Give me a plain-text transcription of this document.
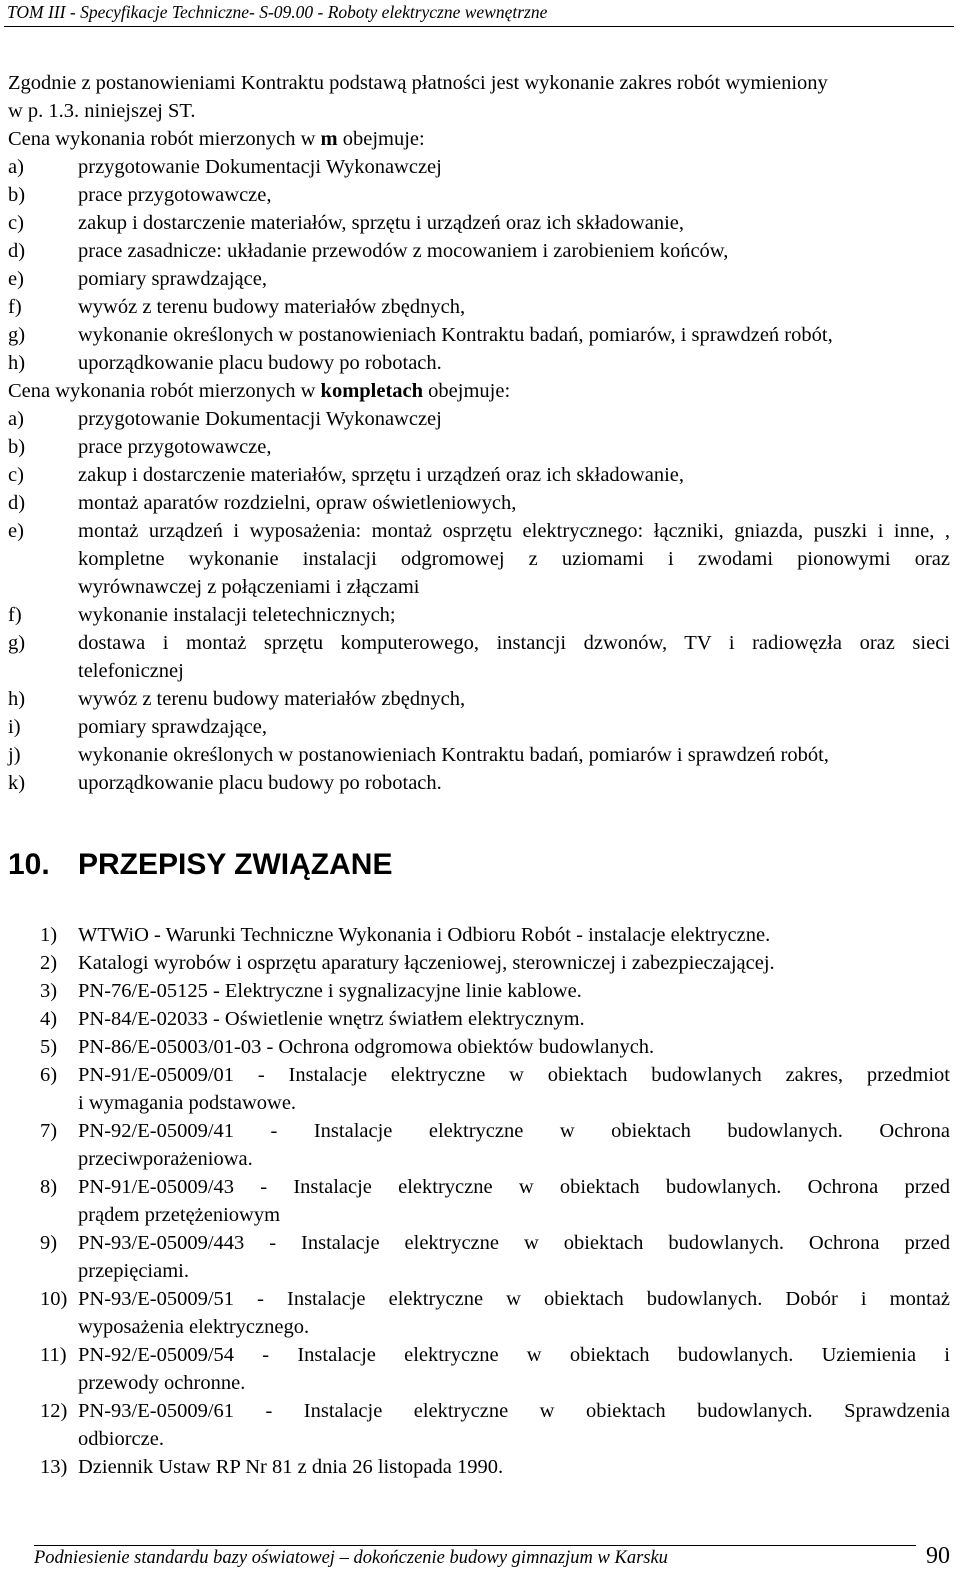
TOM III - Specyfikacje Techniczne- S-09.00 - Roboty elektryczne wewnętrzne
Zgodnie z postanowieniami Kontraktu podstawą płatności jest wykonanie zakres robót wymieniony
w p. 1.3. niniejszej ST.
Cena wykonania robót mierzonych w m obejmuje:
a)	przygotowanie Dokumentacji Wykonawczej
b)	prace przygotowawcze,
c)	zakup i dostarczenie materiałów, sprzętu i urządzeń oraz ich składowanie,
d)	prace zasadnicze: układanie przewodów z mocowaniem i zarobieniem końców,
e)	pomiary sprawdzające,
f)	wywóz z terenu budowy materiałów zbędnych,
g)	wykonanie określonych w postanowieniach Kontraktu badań, pomiarów, i sprawdzeń robót,
h)	uporządkowanie placu budowy po robotach.
Cena wykonania robót mierzonych w kompletach obejmuje:
a)	przygotowanie Dokumentacji Wykonawczej
b)	prace przygotowawcze,
c)	zakup i dostarczenie materiałów, sprzętu i urządzeń oraz ich składowanie,
d)	montaż aparatów rozdzielni, opraw oświetleniowych,
e)	montaż urządzeń i wyposażenia: montaż osprzętu elektrycznego: łączniki, gniazda, puszki i inne, ,
kompletne wykonanie instalacji odgromowej z uziomami i zwodami pionowymi oraz
wyrównawczej z połączeniami i złączami
f)	wykonanie instalacji teletechnicznych;
g)	dostawa i montaż sprzętu komputerowego, instancji dzwonów, TV i radiowęzła oraz sieci
telefonicznej
h)	wywóz z terenu budowy materiałów zbędnych,
i)	pomiary sprawdzające,
j)	wykonanie określonych w postanowieniach Kontraktu badań, pomiarów i sprawdzeń robót,
k)	uporządkowanie placu budowy po robotach.
10. PRZEPISY ZWIĄZANE
1) WTWiO - Warunki Techniczne Wykonania i Odbioru Robót - instalacje elektryczne.
2) Katalogi wyrobów i osprzętu aparatury łączeniowej, sterowniczej i zabezpieczającej.
3) PN-76/E-05125 - Elektryczne i sygnalizacyjne linie kablowe.
4) PN-84/E-02033 - Oświetlenie wnętrz światłem elektrycznym.
5) PN-86/E-05003/01-03 - Ochrona odgromowa obiektów budowlanych.
6) PN-91/E-05009/01 - Instalacje elektryczne w obiektach budowlanych zakres, przedmiot
i wymagania podstawowe.
7) PN-92/E-05009/41 - Instalacje elektryczne w obiektach budowlanych. Ochrona
przeciwporażeniowa.
8) PN-91/E-05009/43 - Instalacje elektryczne w obiektach budowlanych. Ochrona przed
prądem przetężeniowym
9) PN-93/E-05009/443 - Instalacje elektryczne w obiektach budowlanych. Ochrona przed
przepięciami.
10) PN-93/E-05009/51 - Instalacje elektryczne w obiektach budowlanych. Dobór i montaż
wyposażenia elektrycznego.
11) PN-92/E-05009/54 - Instalacje elektryczne w obiektach budowlanych. Uziemienia i
przewody ochronne.
12) PN-93/E-05009/61 - Instalacje elektryczne w obiektach budowlanych. Sprawdzenia
odbiorcze.
13) Dziennik Ustaw RP Nr 81 z dnia 26 listopada 1990.
Podniesienie standardu bazy oświatowej – dokończenie budowy gimnazjum w Karsku	90
